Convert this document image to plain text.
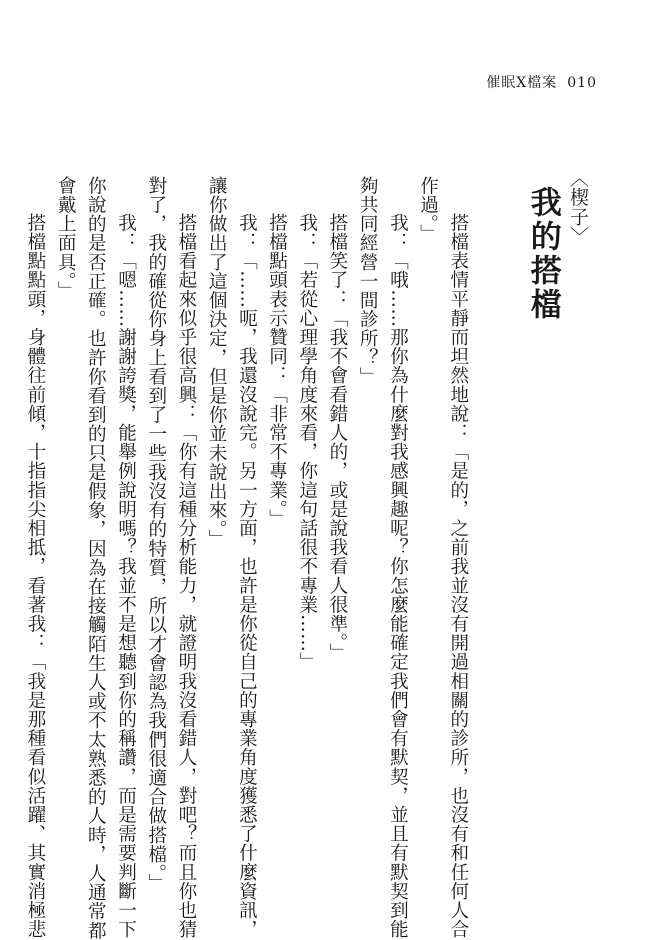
催眠X檔案 010

〈楔子〉

我的搭檔

搭檔表情平靜而坦然地說：「是的，之前我並沒有開過相關的診所，也沒有和任何人合

作過。」

我：「哦……那你為什麼對我感興趣呢？你怎麼能確定我們會有默契，並且有默契到能

夠共同經營一間診所？」

搭檔笑了：「我不會看錯人的，或是說我看人很準。」

我：「若從心理學角度來看，你這句話很不專業……」

搭檔點頭表示贊同：「非常不專業。」

我：「……呃，我還沒說完。另一方面，也許是你從自己的專業角度獲悉了什麼資訊，

讓你做出了這個決定，但是你並未說出來。」

搭檔看起來似乎很高興：「你有這種分析能力，就證明我沒看錯人，對吧？而且你也猜

對了，我的確從你身上看到了一些我沒有的特質，所以才會認為我們很適合做搭檔。」

我：「嗯……謝謝誇獎，能舉例說明嗎？我並不是想聽到你的稱讚，而是需要判斷一下

你說的是否正確。也許你看到的只是假象，因為在接觸陌生人或不太熟悉的人時，人通常都

會戴上面具。」

搭檔點點頭，身體往前傾，十指指尖相抵，看著我：「我是那種看似活躍、其實消極悲
